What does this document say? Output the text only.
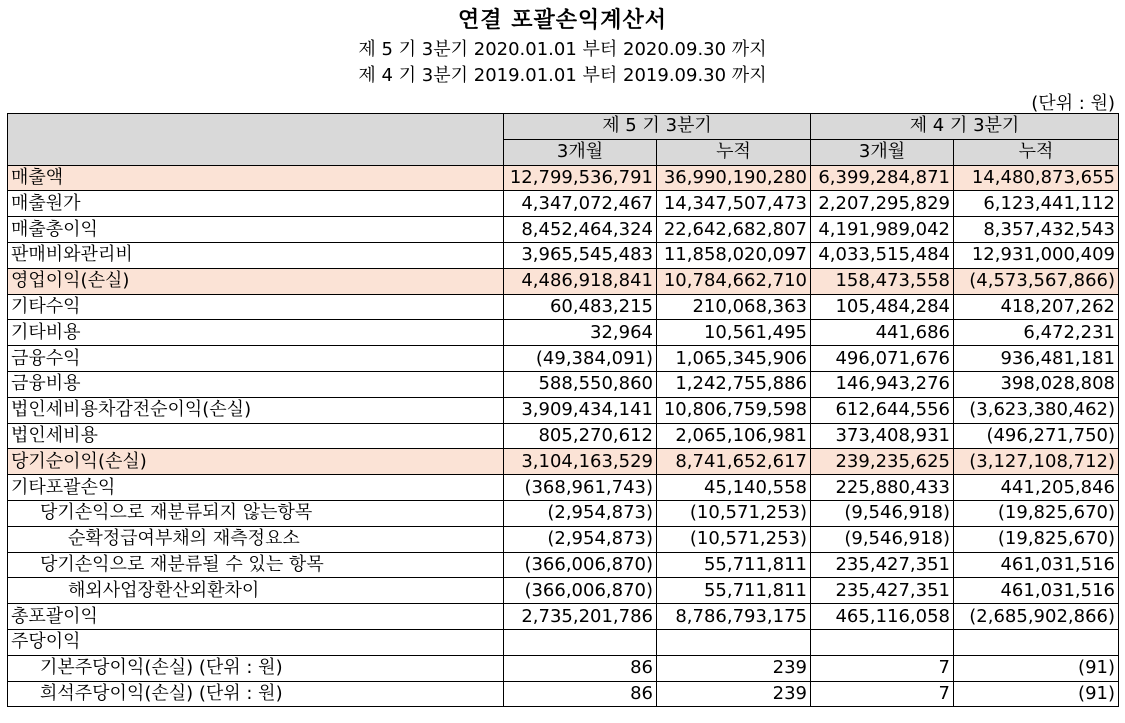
연결 포괄손익계산서
제 5 기 3분기 2020.01.01 부터 2020.09.30 까지
제 4 기 3분기 2019.01.01 부터 2019.09.30 까지
(단위 : 원)
	제 5 기 3분기		제 4 기 3분기	
	3개월	누적	3개월	누적
매출액	12,799,536,791	36,990,190,280	6,399,284,871	14,480,873,655
매출원가	4,347,072,467	14,347,507,473	2,207,295,829	6,123,441,112
매출총이익	8,452,464,324	22,642,682,807	4,191,989,042	8,357,432,543
판매비와관리비	3,965,545,483	11,858,020,097	4,033,515,484	12,931,000,409
영업이익(손실)	4,486,918,841	10,784,662,710	158,473,558	(4,573,567,866)
기타수익	60,483,215	210,068,363	105,484,284	418,207,262
기타비용	32,964	10,561,495	441,686	6,472,231
금융수익	(49,384,091)	1,065,345,906	496,071,676	936,481,181
금융비용	588,550,860	1,242,755,886	146,943,276	398,028,808
법인세비용차감전순이익(손실)	3,909,434,141	10,806,759,598	612,644,556	(3,623,380,462)
법인세비용	805,270,612	2,065,106,981	373,408,931	(496,271,750)
당기순이익(손실)	3,104,163,529	8,741,652,617	239,235,625	(3,127,108,712)
기타포괄손익	(368,961,743)	45,140,558	225,880,433	441,205,846
당기손익으로 재분류되지 않는항목	(2,954,873)	(10,571,253)	(9,546,918)	(19,825,670)
순확정급여부채의 재측정요소	(2,954,873)	(10,571,253)	(9,546,918)	(19,825,670)
당기손익으로 재분류될 수 있는 항목	(366,006,870)	55,711,811	235,427,351	461,031,516
해외사업장환산외환차이	(366,006,870)	55,711,811	235,427,351	461,031,516
총포괄이익	2,735,201,786	8,786,793,175	465,116,058	(2,685,902,866)
주당이익				
기본주당이익(손실) (단위 : 원)	86	239	7	(91)
희석주당이익(손실) (단위 : 원)	86	239	7	(91)
